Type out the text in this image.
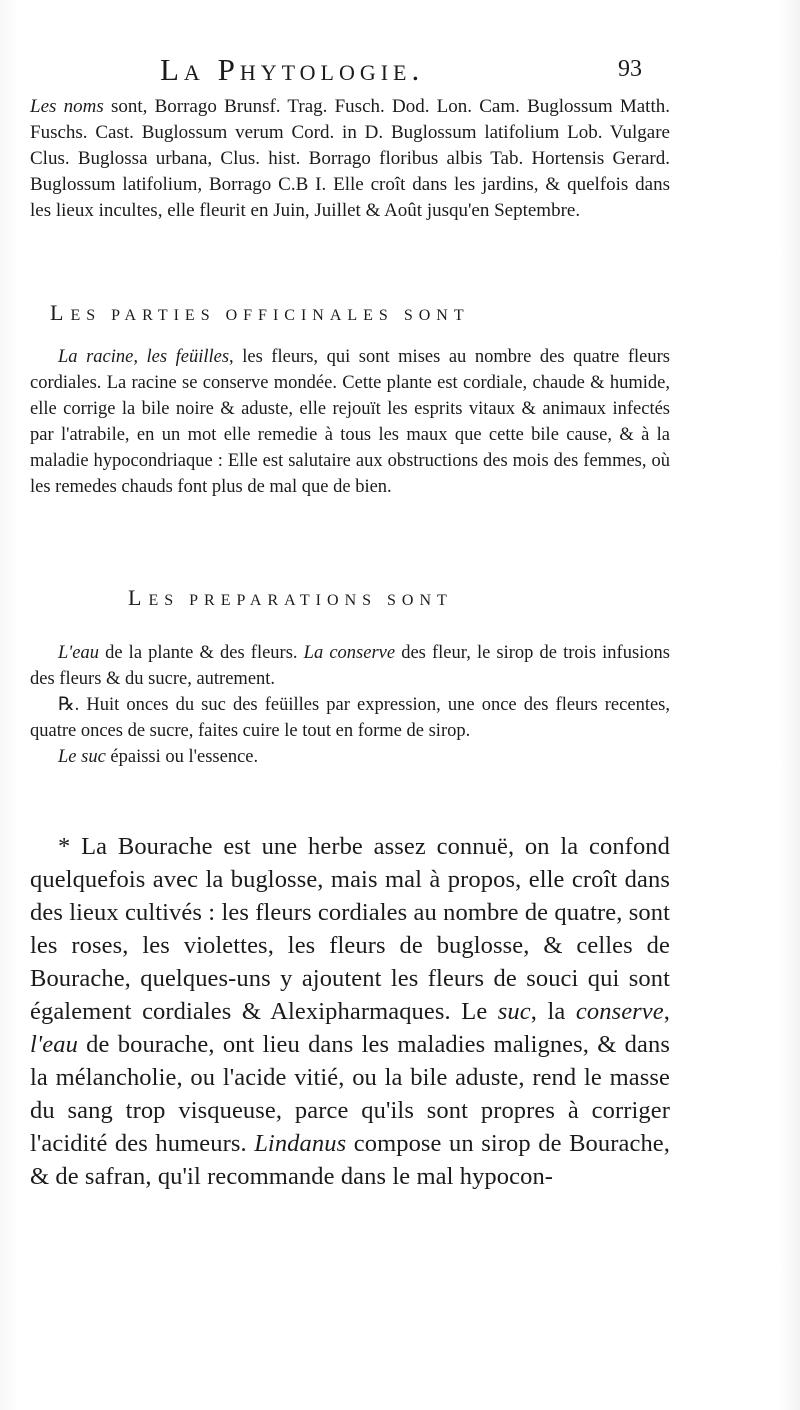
La Phytologie.	93
Les noms sont, Borrago Brunsf. Trag. Fusch. Dod. Lon. Cam. Buglossum Matth. Fuschs. Cast. Buglossum verum Cord. in D. Buglossum latifolium Lob. Vulgare Clus. Buglossa urbana, Clus. hist. Borrago floribus albis Tab. Hortensis Gerard. Buglossum latifolium, Borrago C.B I. Elle croît dans les jardins, & quelfois dans les lieux incultes, elle fleurit en Juin, Juillet & Août jusqu'en Septembre.
LES PARTIES OFFICINALES SONT
La racine, les feüilles, les fleurs, qui sont mises au nombre des quatre fleurs cordiales. La racine se conserve mondée. Cette plante est cordiale, chaude & humide, elle corrige la bile noire & aduste, elle rejouït les esprits vitaux & animaux infectés par l'atrabile, en un mot elle remedie à tous les maux que cette bile cause, & à la maladie hypocondriaque : Elle est salutaire aux obstructions des mois des femmes, où les remedes chauds font plus de mal que de bien.
LES PREPARATIONS SONT

L'eau de la plante & des fleurs. La conserve des fleur, le sirop de trois infusions des fleurs & du sucre, autrement.

℞. Huit onces du suc des feüilles par expression, une once des fleurs recentes, quatre onces de sucre, faites cuire le tout en forme de sirop.

Le suc épaissi ou l'essence.

* La Bourache est une herbe assez connuë, on la confond quelquefois avec la buglosse, mais mal à propos, elle croît dans des lieux cultivés : les fleurs cordiales au nombre de quatre, sont les roses, les violettes, les fleurs de buglosse, & celles de Bourache, quelques-uns y ajoutent les fleurs de souci qui sont également cordiales & Alexipharmaques. Le suc, la conserve, l'eau de bourache, ont lieu dans les maladies malignes, & dans la mélancholie, ou l'acide vitié, ou la bile aduste, rend le masse du sang trop visqueuse, parce qu'ils sont propres à corriger l'acidité des humeurs. Lindanus compose un sirop de Bourache, & de safran, qu'il recommande dans le mal hypocon-
